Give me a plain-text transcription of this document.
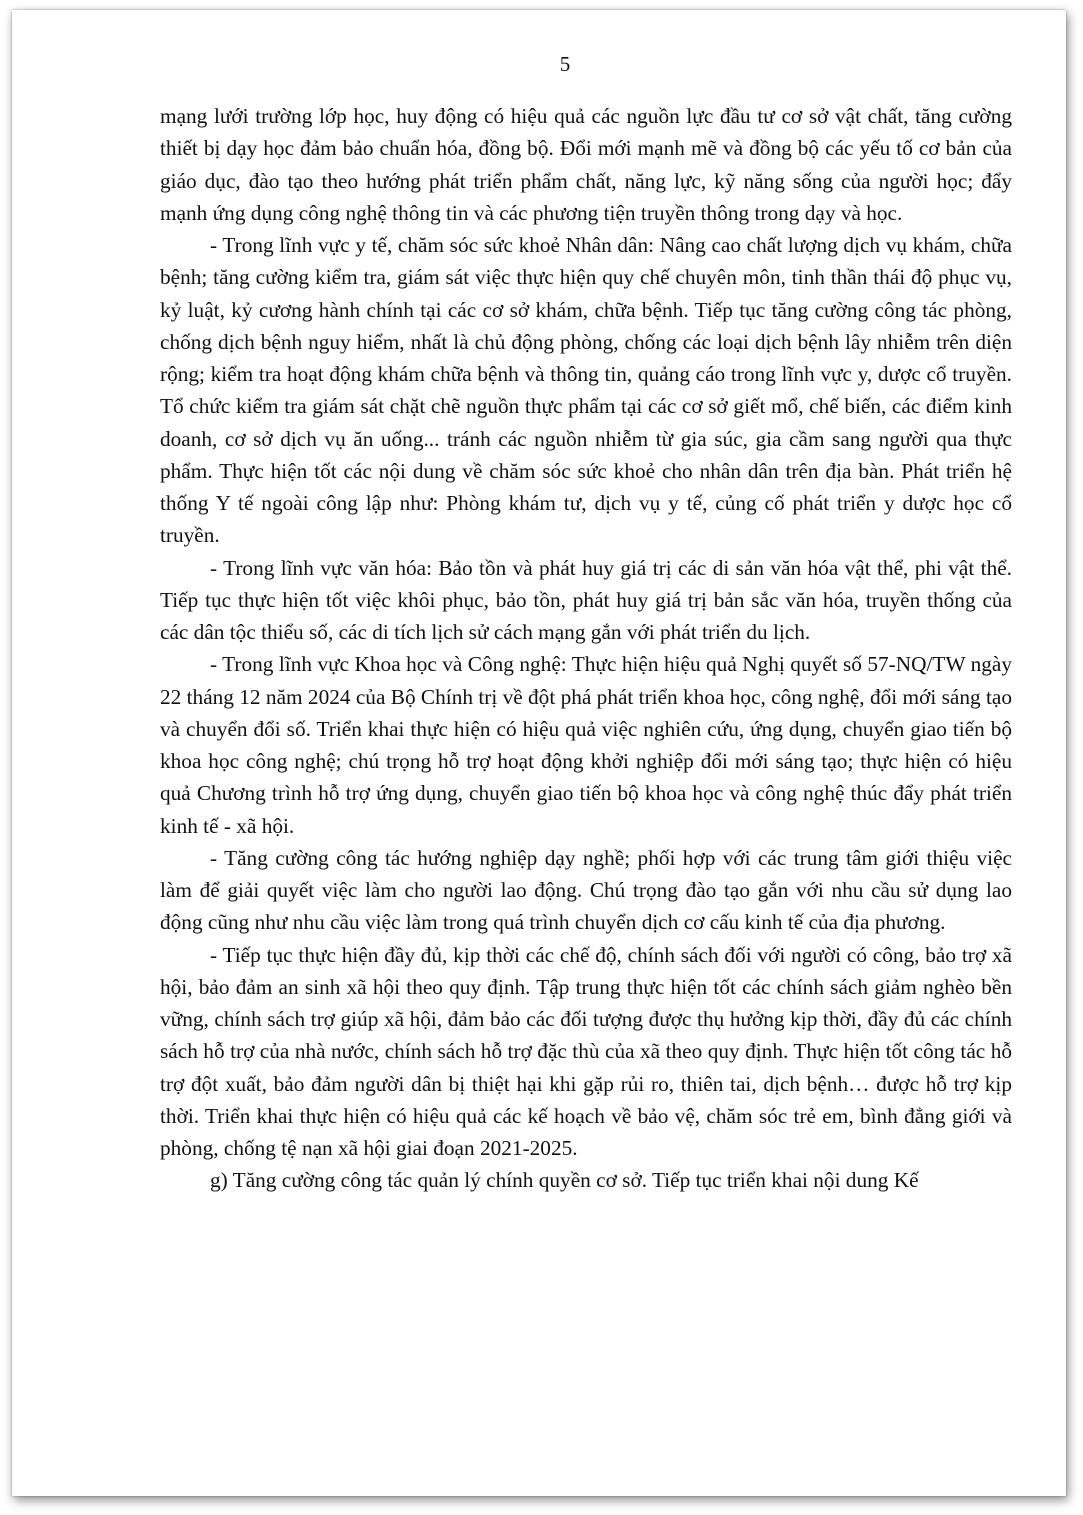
5

mạng lưới trường lớp học, huy động có hiệu quả các nguồn lực đầu tư cơ sở vật chất, tăng cường thiết bị dạy học đảm bảo chuẩn hóa, đồng bộ. Đổi mới mạnh mẽ và đồng bộ các yếu tố cơ bản của giáo dục, đào tạo theo hướng phát triển phẩm chất, năng lực, kỹ năng sống của người học; đẩy mạnh ứng dụng công nghệ thông tin và các phương tiện truyền thông trong dạy và học.

- Trong lĩnh vực y tế, chăm sóc sức khoẻ Nhân dân: Nâng cao chất lượng dịch vụ khám, chữa bệnh; tăng cường kiểm tra, giám sát việc thực hiện quy chế chuyên môn, tinh thần thái độ phục vụ, kỷ luật, kỷ cương hành chính tại các cơ sở khám, chữa bệnh. Tiếp tục tăng cường công tác phòng, chống dịch bệnh nguy hiểm, nhất là chủ động phòng, chống các loại dịch bệnh lây nhiễm trên diện rộng; kiểm tra hoạt động khám chữa bệnh và thông tin, quảng cáo trong lĩnh vực y, dược cổ truyền. Tổ chức kiểm tra giám sát chặt chẽ nguồn thực phẩm tại các cơ sở giết mổ, chế biến, các điểm kinh doanh, cơ sở dịch vụ ăn uống... tránh các nguồn nhiễm từ gia súc, gia cầm sang người qua thực phẩm. Thực hiện tốt các nội dung về chăm sóc sức khoẻ cho nhân dân trên địa bàn. Phát triển hệ thống Y tế ngoài công lập như: Phòng khám tư, dịch vụ y tế, củng cố phát triển y dược học cổ truyền.

- Trong lĩnh vực văn hóa: Bảo tồn và phát huy giá trị các di sản văn hóa vật thể, phi vật thể. Tiếp tục thực hiện tốt việc khôi phục, bảo tồn, phát huy giá trị bản sắc văn hóa, truyền thống của các dân tộc thiểu số, các di tích lịch sử cách mạng gắn với phát triển du lịch.

- Trong lĩnh vực Khoa học và Công nghệ: Thực hiện hiệu quả Nghị quyết số 57-NQ/TW ngày 22 tháng 12 năm 2024 của Bộ Chính trị về đột phá phát triển khoa học, công nghệ, đổi mới sáng tạo và chuyển đổi số. Triển khai thực hiện có hiệu quả việc nghiên cứu, ứng dụng, chuyển giao tiến bộ khoa học công nghệ; chú trọng hỗ trợ hoạt động khởi nghiệp đổi mới sáng tạo; thực hiện có hiệu quả Chương trình hỗ trợ ứng dụng, chuyển giao tiến bộ khoa học và công nghệ thúc đẩy phát triển kinh tế - xã hội.

- Tăng cường công tác hướng nghiệp dạy nghề; phối hợp với các trung tâm giới thiệu việc làm để giải quyết việc làm cho người lao động. Chú trọng đào tạo gắn với nhu cầu sử dụng lao động cũng như nhu cầu việc làm trong quá trình chuyển dịch cơ cấu kinh tế của địa phương.

- Tiếp tục thực hiện đầy đủ, kịp thời các chế độ, chính sách đối với người có công, bảo trợ xã hội, bảo đảm an sinh xã hội theo quy định. Tập trung thực hiện tốt các chính sách giảm nghèo bền vững, chính sách trợ giúp xã hội, đảm bảo các đối tượng được thụ hưởng kịp thời, đầy đủ các chính sách hỗ trợ của nhà nước, chính sách hỗ trợ đặc thù của xã theo quy định. Thực hiện tốt công tác hỗ trợ đột xuất, bảo đảm người dân bị thiệt hại khi gặp rủi ro, thiên tai, dịch bệnh… được hỗ trợ kịp thời. Triển khai thực hiện có hiệu quả các kế hoạch về bảo vệ, chăm sóc trẻ em, bình đẳng giới và phòng, chống tệ nạn xã hội giai đoạn 2021-2025.

g) Tăng cường công tác quản lý chính quyền cơ sở. Tiếp tục triển khai nội dung Kế
